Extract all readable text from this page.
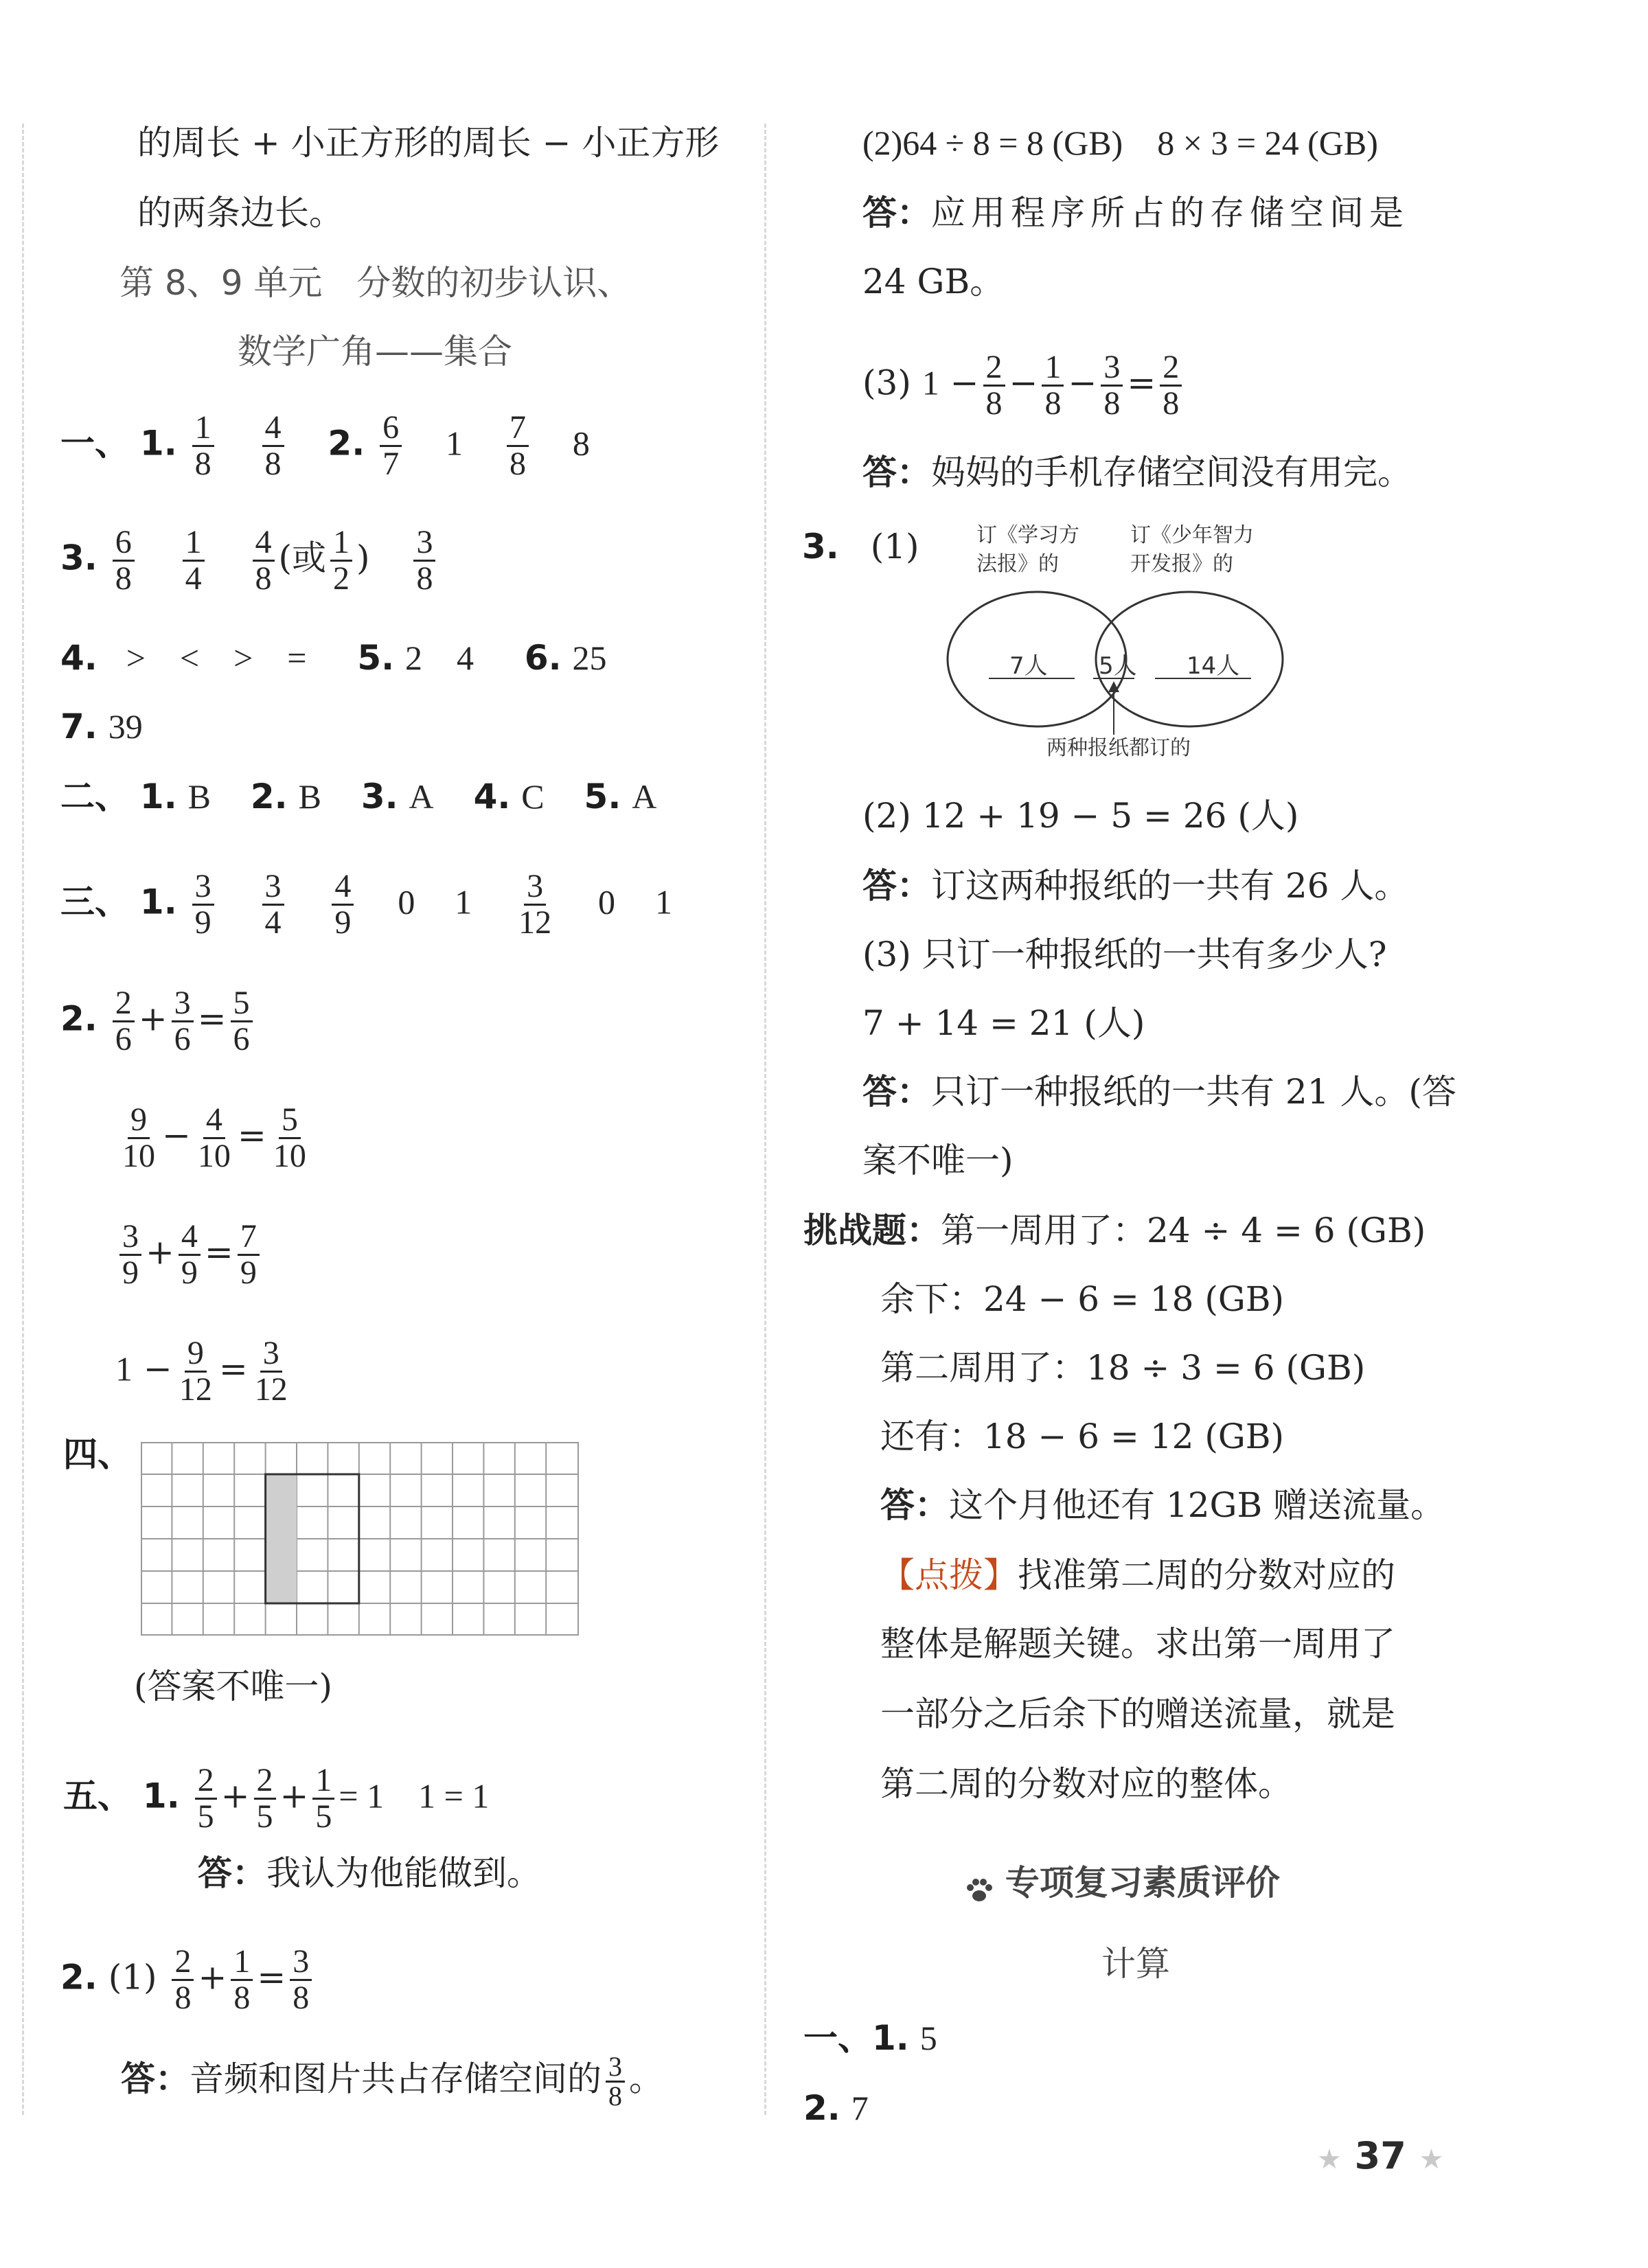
的周长 + 小正方形的周长 − 小正方形
的两条边长。
第 8、9 单元　分数的初步认识、
数学广角——集合
一、 1. $\frac{1}{8}$
$\frac{4}{8} 2$. $\frac{6}{7} 1 \frac{7}{8} 8$
3. $\frac{6}{8}$
$\frac{1}{4}$
$\frac{4}{8}$ (或 $\frac{1}{2}$ ) $\frac{3}{8}$
4. >　<　>　= 5. 2　4 6. 25
7. 39
二、 1. B 2. B 3. A 4. C 5. A
三、 1. $\frac{3}{9}$
$\frac{3}{4}$
$\frac{4}{9} 0$ $1 \frac{3}{12} 0$ 1
2. $\frac{2}{6} + \frac{3}{6} = \frac{5}{6}$
$\frac{9}{10} - \frac{4}{10} = \frac{5}{10}$
$\frac{3}{9} + \frac{4}{9} = \frac{7}{9}$
$1 - \frac{9}{12} = \frac{3}{12}$
四、
(答案不唯一)
五、 1. $\frac{2}{5} + \frac{2}{5} + \frac{1}{5} = 1$　1 = 1
答：我认为他能做到。
2. $(1) \frac{2}{8} + \frac{1}{8} = \frac{3}{8}$
答：音频和图片共占存储空间的 $\frac{3}{8}$ 。
(2)64 ÷ 8 = 8 (GB)　8 × 3 = 24 (GB)
答：应用程序所占的存储空间是
24 GB。
(3) $1 - \frac{2}{8} - \frac{1}{8} - \frac{3}{8} = \frac{2}{8}$
答：妈妈的手机存储空间没有用完。
3. (1)	订《学习方
法报》的
订《少年智力
开发报》的
7人 5人 14人
两种报纸都订的
(2) 12 + 19 − 5 = 26 (人)
答：订这两种报纸的一共有 26 人。
(3) 只订一种报纸的一共有多少人?
7 + 14 = 21 (人)
答：只订一种报纸的一共有 21 人。(答
案不唯一)
挑战题：第一周用了：24 ÷ 4 = 6 (GB)
余下：24 − 6 = 18 (GB)
第二周用了：18 ÷ 3 = 6 (GB)
还有：18 − 6 = 12 (GB)
答：这个月他还有 12GB 赠送流量。
【点拨】找准第二周的分数对应的
整体是解题关键。求出第一周用了
一部分之后余下的赠送流量，就是
第二周的分数对应的整体。
专项复习素质评价
计算
一、1. 5
2. 7
★ 37 ★
